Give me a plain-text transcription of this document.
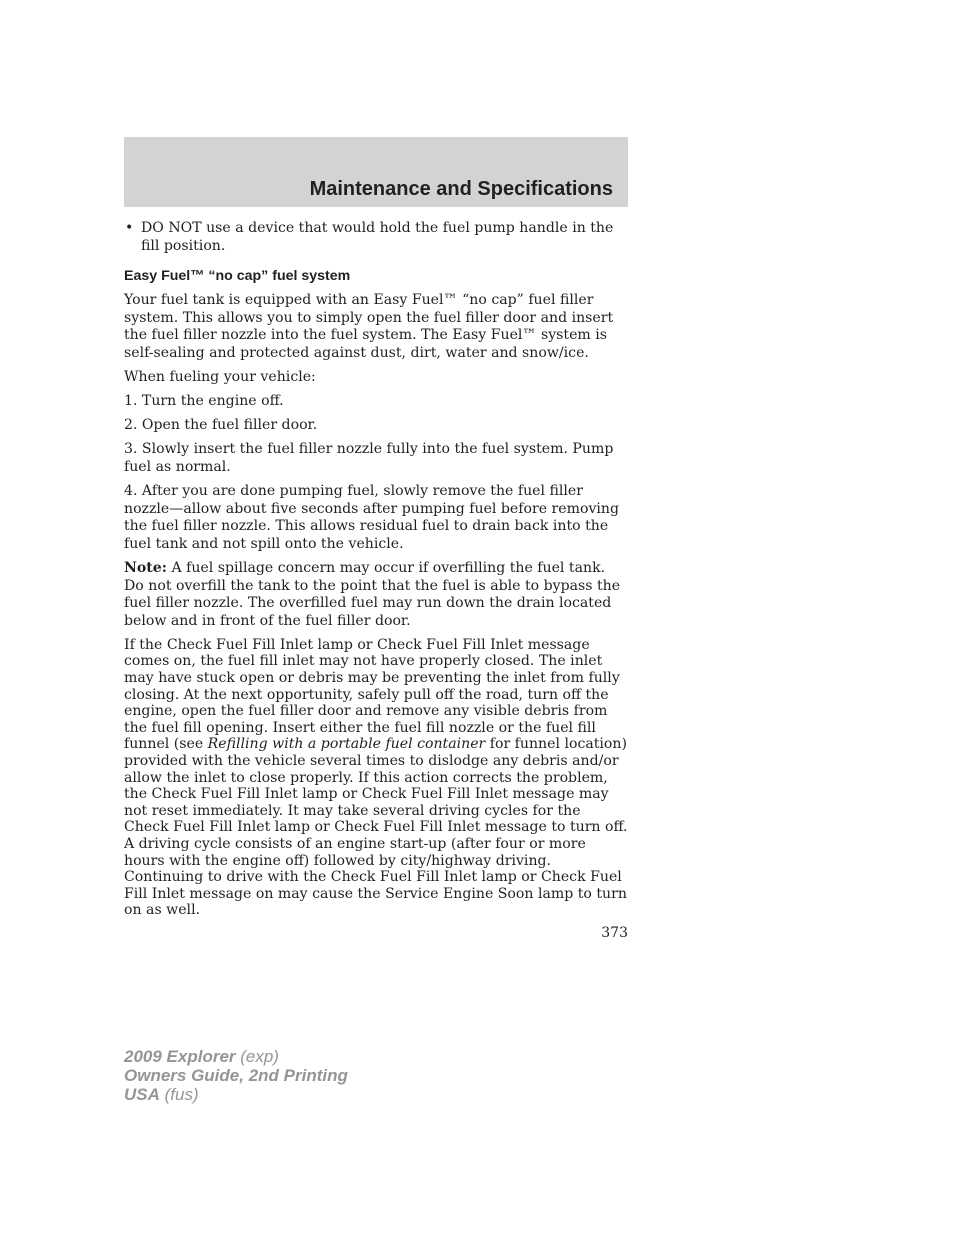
Maintenance and Specifications

• DO NOT use a device that would hold the fuel pump handle in the fill position.

Easy Fuel™ “no cap” fuel system

Your fuel tank is equipped with an Easy Fuel™ “no cap” fuel filler system. This allows you to simply open the fuel filler door and insert the fuel filler nozzle into the fuel system. The Easy Fuel™ system is self-sealing and protected against dust, dirt, water and snow/ice.

When fueling your vehicle:

1. Turn the engine off.

2. Open the fuel filler door.

3. Slowly insert the fuel filler nozzle fully into the fuel system. Pump fuel as normal.

4. After you are done pumping fuel, slowly remove the fuel filler nozzle—allow about five seconds after pumping fuel before removing the fuel filler nozzle. This allows residual fuel to drain back into the fuel tank and not spill onto the vehicle.

Note: A fuel spillage concern may occur if overfilling the fuel tank. Do not overfill the tank to the point that the fuel is able to bypass the fuel filler nozzle. The overfilled fuel may run down the drain located below and in front of the fuel filler door.

If the Check Fuel Fill Inlet lamp or Check Fuel Fill Inlet message comes on, the fuel fill inlet may not have properly closed. The inlet may have stuck open or debris may be preventing the inlet from fully closing. At the next opportunity, safely pull off the road, turn off the engine, open the fuel filler door and remove any visible debris from the fuel fill opening. Insert either the fuel fill nozzle or the fuel fill funnel (see Refilling with a portable fuel container for funnel location) provided with the vehicle several times to dislodge any debris and/or allow the inlet to close properly. If this action corrects the problem, the Check Fuel Fill Inlet lamp or Check Fuel Fill Inlet message may not reset immediately. It may take several driving cycles for the Check Fuel Fill Inlet lamp or Check Fuel Fill Inlet message to turn off. A driving cycle consists of an engine start-up (after four or more hours with the engine off) followed by city/highway driving. Continuing to drive with the Check Fuel Fill Inlet lamp or Check Fuel Fill Inlet message on may cause the Service Engine Soon lamp to turn on as well.

373
2009 Explorer (exp)
Owners Guide, 2nd Printing
USA (fus)
